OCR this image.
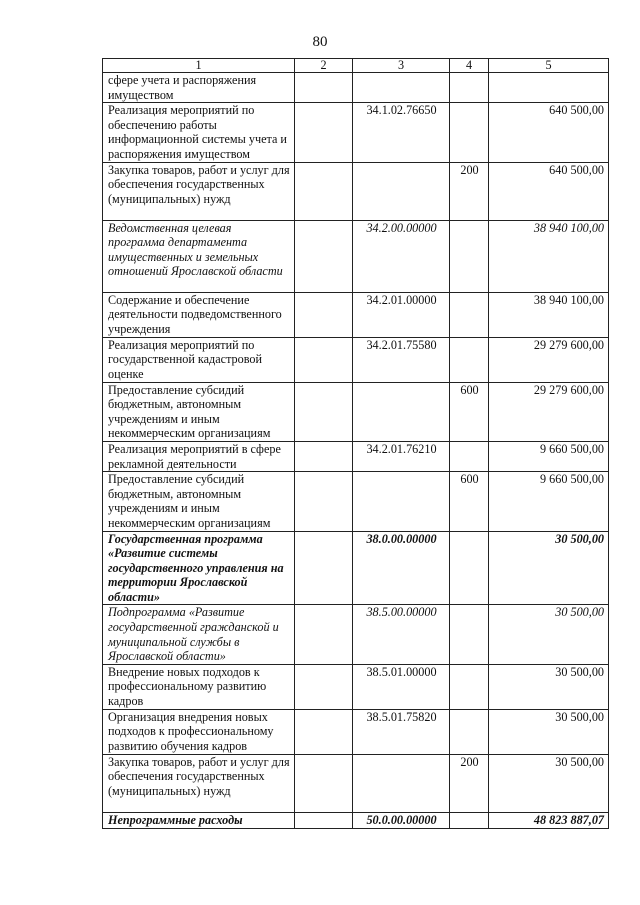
80
1	2	3	4	5
сфере учета и распоряжения имуществом				
Реализация мероприятий по обеспечению работы информационной системы учета и распоряжения имуществом		34.1.02.76650		640 500,00
Закупка товаров, работ и услуг для обеспечения государственных (муниципальных) нужд			200	640 500,00
Ведомственная целевая программа департамента имущественных и земельных отношений Ярославской области		34.2.00.00000		38 940 100,00
Содержание и обеспечение деятельности подведомственного учреждения		34.2.01.00000		38 940 100,00
Реализация мероприятий по государственной кадастровой оценке		34.2.01.75580		29 279 600,00
Предоставление субсидий бюджетным, автономным учреждениям и иным некоммерческим организациям			600	29 279 600,00
Реализация мероприятий в сфере рекламной деятельности		34.2.01.76210		9 660 500,00
Предоставление субсидий бюджетным, автономным учреждениям и иным некоммерческим организациям			600	9 660 500,00
Государственная программа «Развитие системы государственного управления на территории Ярославской области»		38.0.00.00000		30 500,00
Подпрограмма «Развитие государственной гражданской и муниципальной службы в Ярославской области»		38.5.00.00000		30 500,00
Внедрение новых подходов к профессиональному развитию кадров		38.5.01.00000		30 500,00
Организация внедрения новых подходов к профессиональному развитию обучения кадров		38.5.01.75820		30 500,00
Закупка товаров, работ и услуг для обеспечения государственных (муниципальных) нужд			200	30 500,00
Непрограммные расходы		50.0.00.00000		48 823 887,07
